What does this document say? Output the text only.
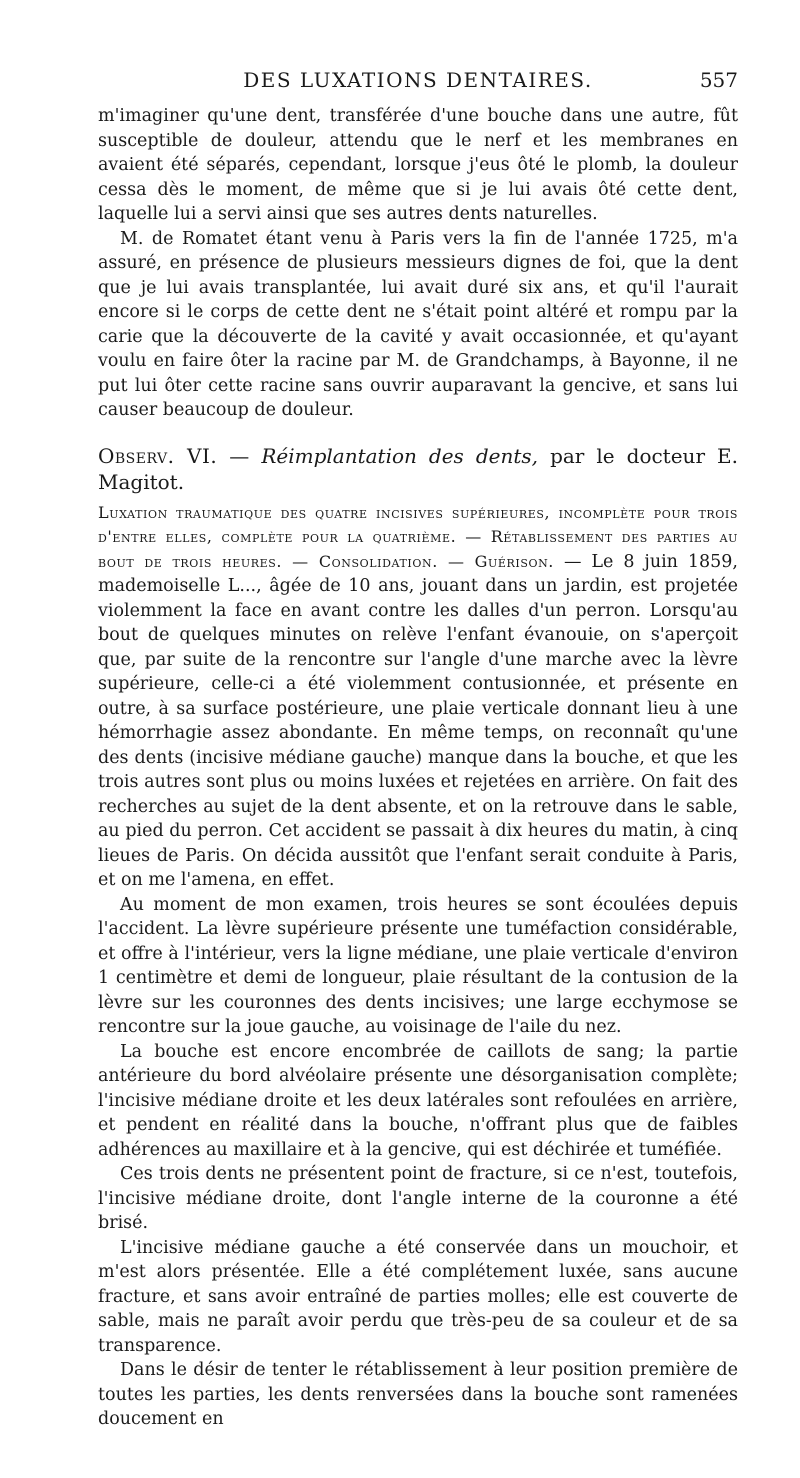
DES LUXATIONS DENTAIRES.	557

m'imaginer qu'une dent, transférée d'une bouche dans une autre, fût susceptible de douleur, attendu que le nerf et les membranes en avaient été séparés, cependant, lorsque j'eus ôté le plomb, la douleur cessa dès le moment, de même que si je lui avais ôté cette dent, laquelle lui a servi ainsi que ses autres dents naturelles.

M. de Romatet étant venu à Paris vers la fin de l'année 1725, m'a assuré, en présence de plusieurs messieurs dignes de foi, que la dent que je lui avais transplantée, lui avait duré six ans, et qu'il l'aurait encore si le corps de cette dent ne s'était point altéré et rompu par la carie que la découverte de la cavité y avait occasionnée, et qu'ayant voulu en faire ôter la racine par M. de Grandchamps, à Bayonne, il ne put lui ôter cette racine sans ouvrir auparavant la gencive, et sans lui causer beaucoup de douleur.

Observ. VI. — Réimplantation des dents, par le docteur E. Magitot.

Luxation traumatique des quatre incisives supérieures, incomplète pour trois d'entre elles, complète pour la quatrième. — Rétablissement des parties au bout de trois heures. — Consolidation. — Guérison. — Le 8 juin 1859, mademoiselle L..., âgée de 10 ans, jouant dans un jardin, est projetée violemment la face en avant contre les dalles d'un perron. Lorsqu'au bout de quelques minutes on relève l'enfant évanouie, on s'aperçoit que, par suite de la rencontre sur l'angle d'une marche avec la lèvre supérieure, celle-ci a été violemment contusionnée, et présente en outre, à sa surface postérieure, une plaie verticale donnant lieu à une hémorrhagie assez abondante. En même temps, on reconnaît qu'une des dents (incisive médiane gauche) manque dans la bouche, et que les trois autres sont plus ou moins luxées et rejetées en arrière. On fait des recherches au sujet de la dent absente, et on la retrouve dans le sable, au pied du perron. Cet accident se passait à dix heures du matin, à cinq lieues de Paris. On décida aussitôt que l'enfant serait conduite à Paris, et on me l'amena, en effet.

Au moment de mon examen, trois heures se sont écoulées depuis l'accident. La lèvre supérieure présente une tuméfaction considérable, et offre à l'intérieur, vers la ligne médiane, une plaie verticale d'environ 1 centimètre et demi de longueur, plaie résultant de la contusion de la lèvre sur les couronnes des dents incisives; une large ecchymose se rencontre sur la joue gauche, au voisinage de l'aile du nez.

La bouche est encore encombrée de caillots de sang; la partie antérieure du bord alvéolaire présente une désorganisation complète; l'incisive médiane droite et les deux latérales sont refoulées en arrière, et pendent en réalité dans la bouche, n'offrant plus que de faibles adhérences au maxillaire et à la gencive, qui est déchirée et tuméfiée.

Ces trois dents ne présentent point de fracture, si ce n'est, toutefois, l'incisive médiane droite, dont l'angle interne de la couronne a été brisé.

L'incisive médiane gauche a été conservée dans un mouchoir, et m'est alors présentée. Elle a été complétement luxée, sans aucune fracture, et sans avoir entraîné de parties molles; elle est couverte de sable, mais ne paraît avoir perdu que très-peu de sa couleur et de sa transparence.

Dans le désir de tenter le rétablissement à leur position première de toutes les parties, les dents renversées dans la bouche sont ramenées doucement en
